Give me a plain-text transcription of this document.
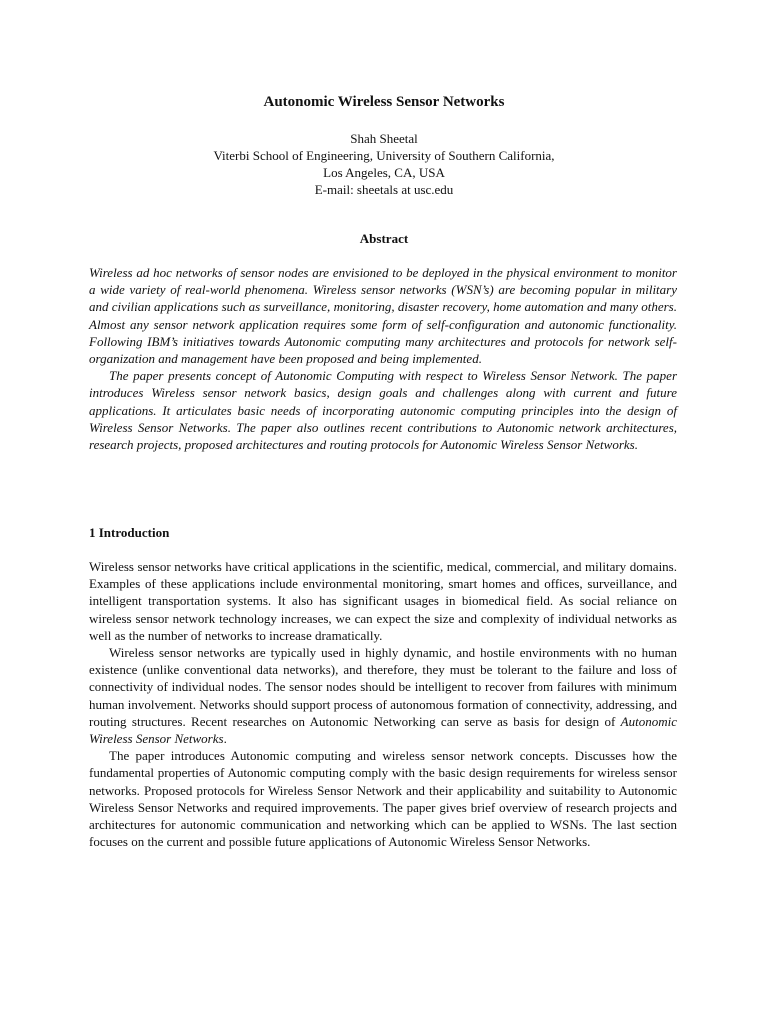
Autonomic Wireless Sensor Networks
Shah Sheetal
Viterbi School of Engineering, University of Southern California,
Los Angeles, CA, USA
E-mail: sheetals at usc.edu
Abstract

Wireless ad hoc networks of sensor nodes are envisioned to be deployed in the physical environment to monitor a wide variety of real-world phenomena. Wireless sensor networks (WSN’s) are becoming popular in military and civilian applications such as surveillance, monitoring, disaster recovery, home automation and many others. Almost any sensor network application requires some form of self-configuration and autonomic functionality. Following IBM’s initiatives towards Autonomic computing many architectures and protocols for network self-organization and management have been proposed and being implemented.

The paper presents concept of Autonomic Computing with respect to Wireless Sensor Network. The paper introduces Wireless sensor network basics, design goals and challenges along with current and future applications. It articulates basic needs of incorporating autonomic computing principles into the design of Wireless Sensor Networks. The paper also outlines recent contributions to Autonomic network architectures, research projects, proposed architectures and routing protocols for Autonomic Wireless Sensor Networks.

1 Introduction

Wireless sensor networks have critical applications in the scientific, medical, commercial, and military domains. Examples of these applications include environmental monitoring, smart homes and offices, surveillance, and intelligent transportation systems. It also has significant usages in biomedical field. As social reliance on wireless sensor network technology increases, we can expect the size and complexity of individual networks as well as the number of networks to increase dramatically.

Wireless sensor networks are typically used in highly dynamic, and hostile environments with no human existence (unlike conventional data networks), and therefore, they must be tolerant to the failure and loss of connectivity of individual nodes. The sensor nodes should be intelligent to recover from failures with minimum human involvement. Networks should support process of autonomous formation of connectivity, addressing, and routing structures. Recent researches on Autonomic Networking can serve as basis for design of Autonomic Wireless Sensor Networks.

The paper introduces Autonomic computing and wireless sensor network concepts. Discusses how the fundamental properties of Autonomic computing comply with the basic design requirements for wireless sensor networks. Proposed protocols for Wireless Sensor Network and their applicability and suitability to Autonomic Wireless Sensor Networks and required improvements. The paper gives brief overview of research projects and architectures for autonomic communication and networking which can be applied to WSNs. The last section focuses on the current and possible future applications of Autonomic Wireless Sensor Networks.
